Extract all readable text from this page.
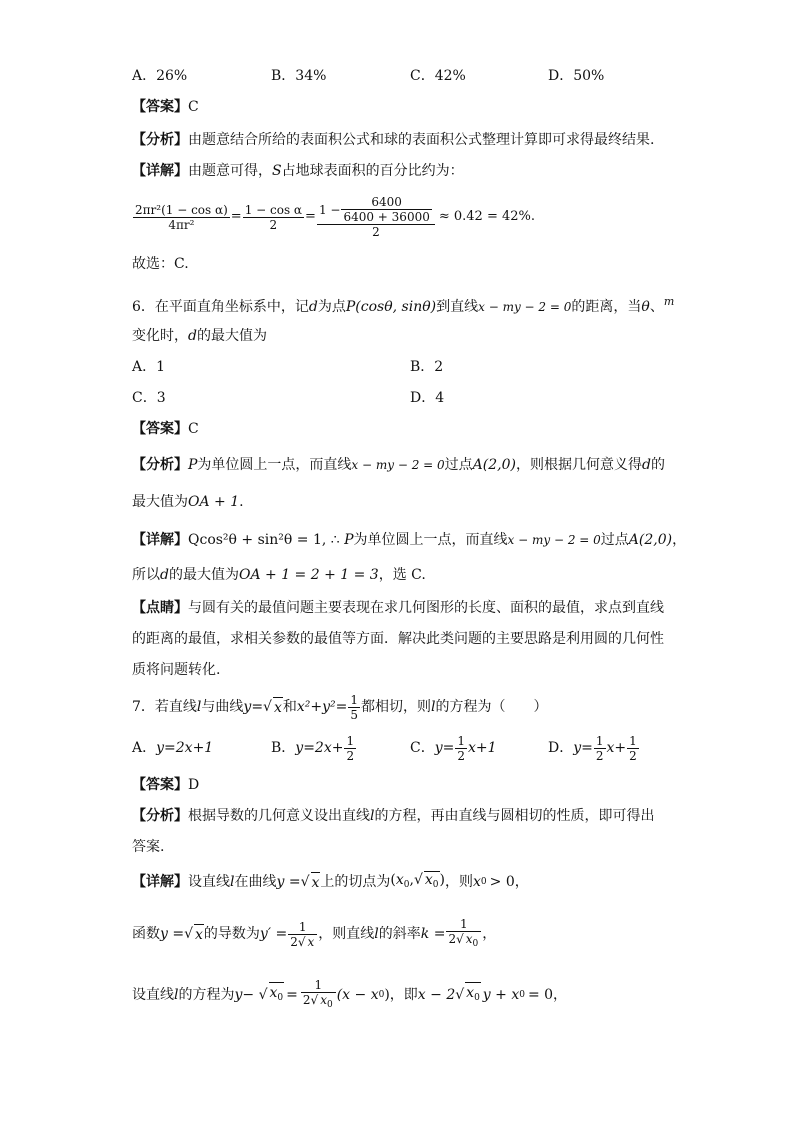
A．26%	B．34%	C．42%	D．50%
【答案】C
【分析】由题意结合所给的表面积公式和球的表面积公式整理计算即可求得最终结果.
【详解】由题意可得，S占地球表面积的百分比约为：
$\frac{\text{2πr²(1 − cos α)}}{\text{4πr²}} = \frac{\text{1 − cos α}}{2} = \frac{1 - \frac{6400}{6400 + 36000}}{2} \approx 0.42 = 42\%$ .
故选：C.
6．在平面直角坐标系中，记d为点P(cosθ, sinθ)到直线x − my − 2 = 0的距离，当θ、$^m$
变化时，d的最大值为
A．1	B．2
C．3	D．4
【答案】C
【分析】P为单位圆上一点，而直线x − my − 2 = 0过点A(2,0)，则根据几何意义得d的
最大值为OA + 1.
【详解】Qcos²θ + sin²θ = 1, ∴ P为单位圆上一点，而直线x − my − 2 = 0过点A(2,0)，
所以d的最大值为OA + 1 = 2 + 1 = 3，选 C.
【点睛】与圆有关的最值问题主要表现在求几何图形的长度、面积的最值，求点到直线
的距离的最值，求相关参数的最值等方面．解决此类问题的主要思路是利用圆的几何性
质将问题转化.
7．若直线 l 与曲线 y= √ x 和 $x^2+y^2= \frac{1}{5}$ 都相切，则 l 的方程为（　　）
A． y=2x+1	B． $y=2x+ \frac{1}{2}$	C． $y= \frac{1}{2} x+1$	D． $y= \frac{1}{2} x+ \frac{1}{2}$
【答案】D
【分析】根据导数的几何意义设出直线l的方程，再由直线与圆相切的性质，即可得出
答案.
【详解】 设直线 l 在曲线 y = √ x 上的切点为 ($x_0,√$ $x_0$) ，则 x 0 > 0，
函数 y = √ x 的导数为 $y' = \frac{1}{2√ x}$ ，则直线 l 的斜率 $k = \frac{1}{2√ x_0}$ ，
设直线 l 的方程为 y − √ $x_0 = \frac{1}{2√ x_0} (x - x$ 0 ) ，即 x − 2 √ $x_0$ y + x 0 = 0，
